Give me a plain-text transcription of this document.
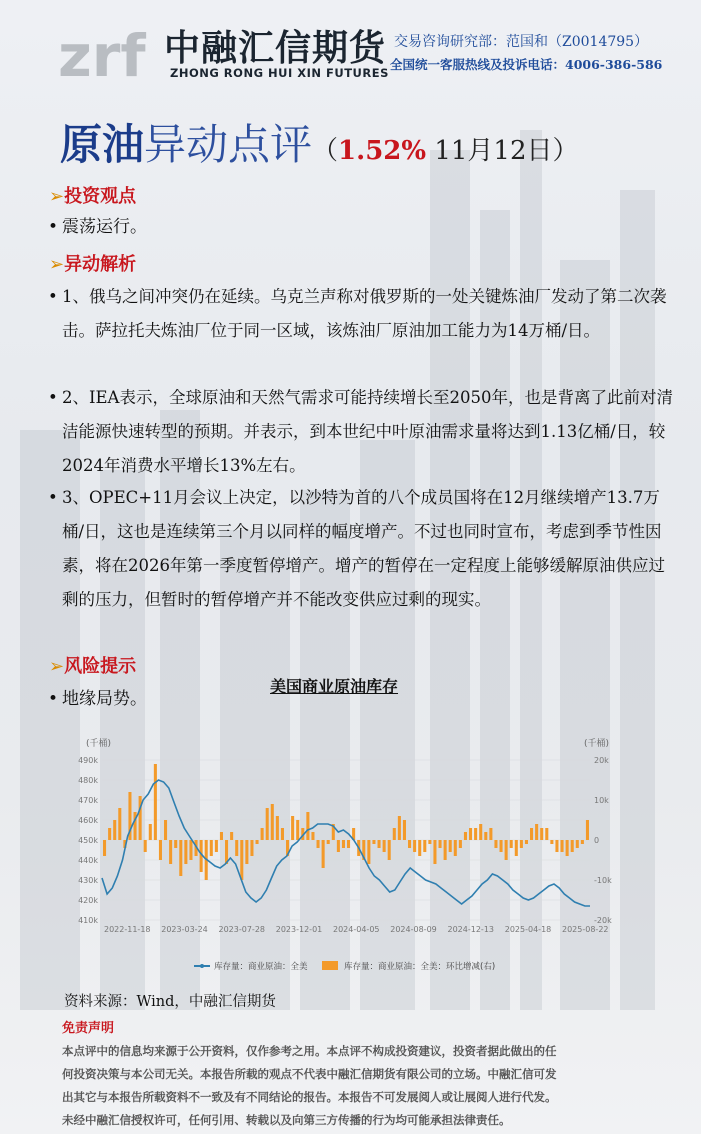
zrf 中融汇信期货
ZHONG RONG HUI XIN FUTURES
交易咨询研究部：范国和（Z0014795）
全国统一客服热线及投诉电话：4006-386-586
原油异动点评（1.52% 11月12日）
➢投资观点
• 震荡运行。
➢异动解析
• 1、俄乌之间冲突仍在延续。乌克兰声称对俄罗斯的一处关键炼油厂发动了第二次袭击。萨拉托夫炼油厂位于同一区域，该炼油厂原油加工能力为14万桶/日。
• 2、IEA表示，全球原油和天然气需求可能持续增长至2050年，也是背离了此前对清洁能源快速转型的预期。并表示，到本世纪中叶原油需求量将达到1.13亿桶/日，较2024年消费水平增长13%左右。
• 3、OPEC+11月会议上决定，以沙特为首的八个成员国将在12月继续增产13.7万桶/日，这也是连续第三个月以同样的幅度增产。不过也同时宣布，考虑到季节性因素，将在2026年第一季度暂停增产。增产的暂停在一定程度上能够缓解原油供应过剩的压力，但暂时的暂停增产并不能改变供应过剩的现实。
➢风险提示
• 地缘局势。
美国商业原油库存
(千桶)	(千桶)
490k
480k
470k
460k
450k
440k
430k
420k
410k
20k
10k
0
-10k
-20k
2022-11-18 2023-03-24 2023-07-28 2023-12-01 2024-04-05 2024-08-09 2024-12-13 2025-04-18 2025-08-22
库存量：商业原油：全美	库存量：商业原油：全美：环比增减(右)
资料来源：Wind，中融汇信期货
免责声明
本点评中的信息均来源于公开资料，仅作参考之用。本点评不构成投资建议，投资者据此做出的任
何投资决策与本公司无关。本报告所载的观点不代表中融汇信期货有限公司的立场。中融汇信可发
出其它与本报告所载资料不一致及有不同结论的报告。本报告不可发展阅人或让展阅人进行代发。
未经中融汇信授权许可，任何引用、转载以及向第三方传播的行为均可能承担法律责任。
